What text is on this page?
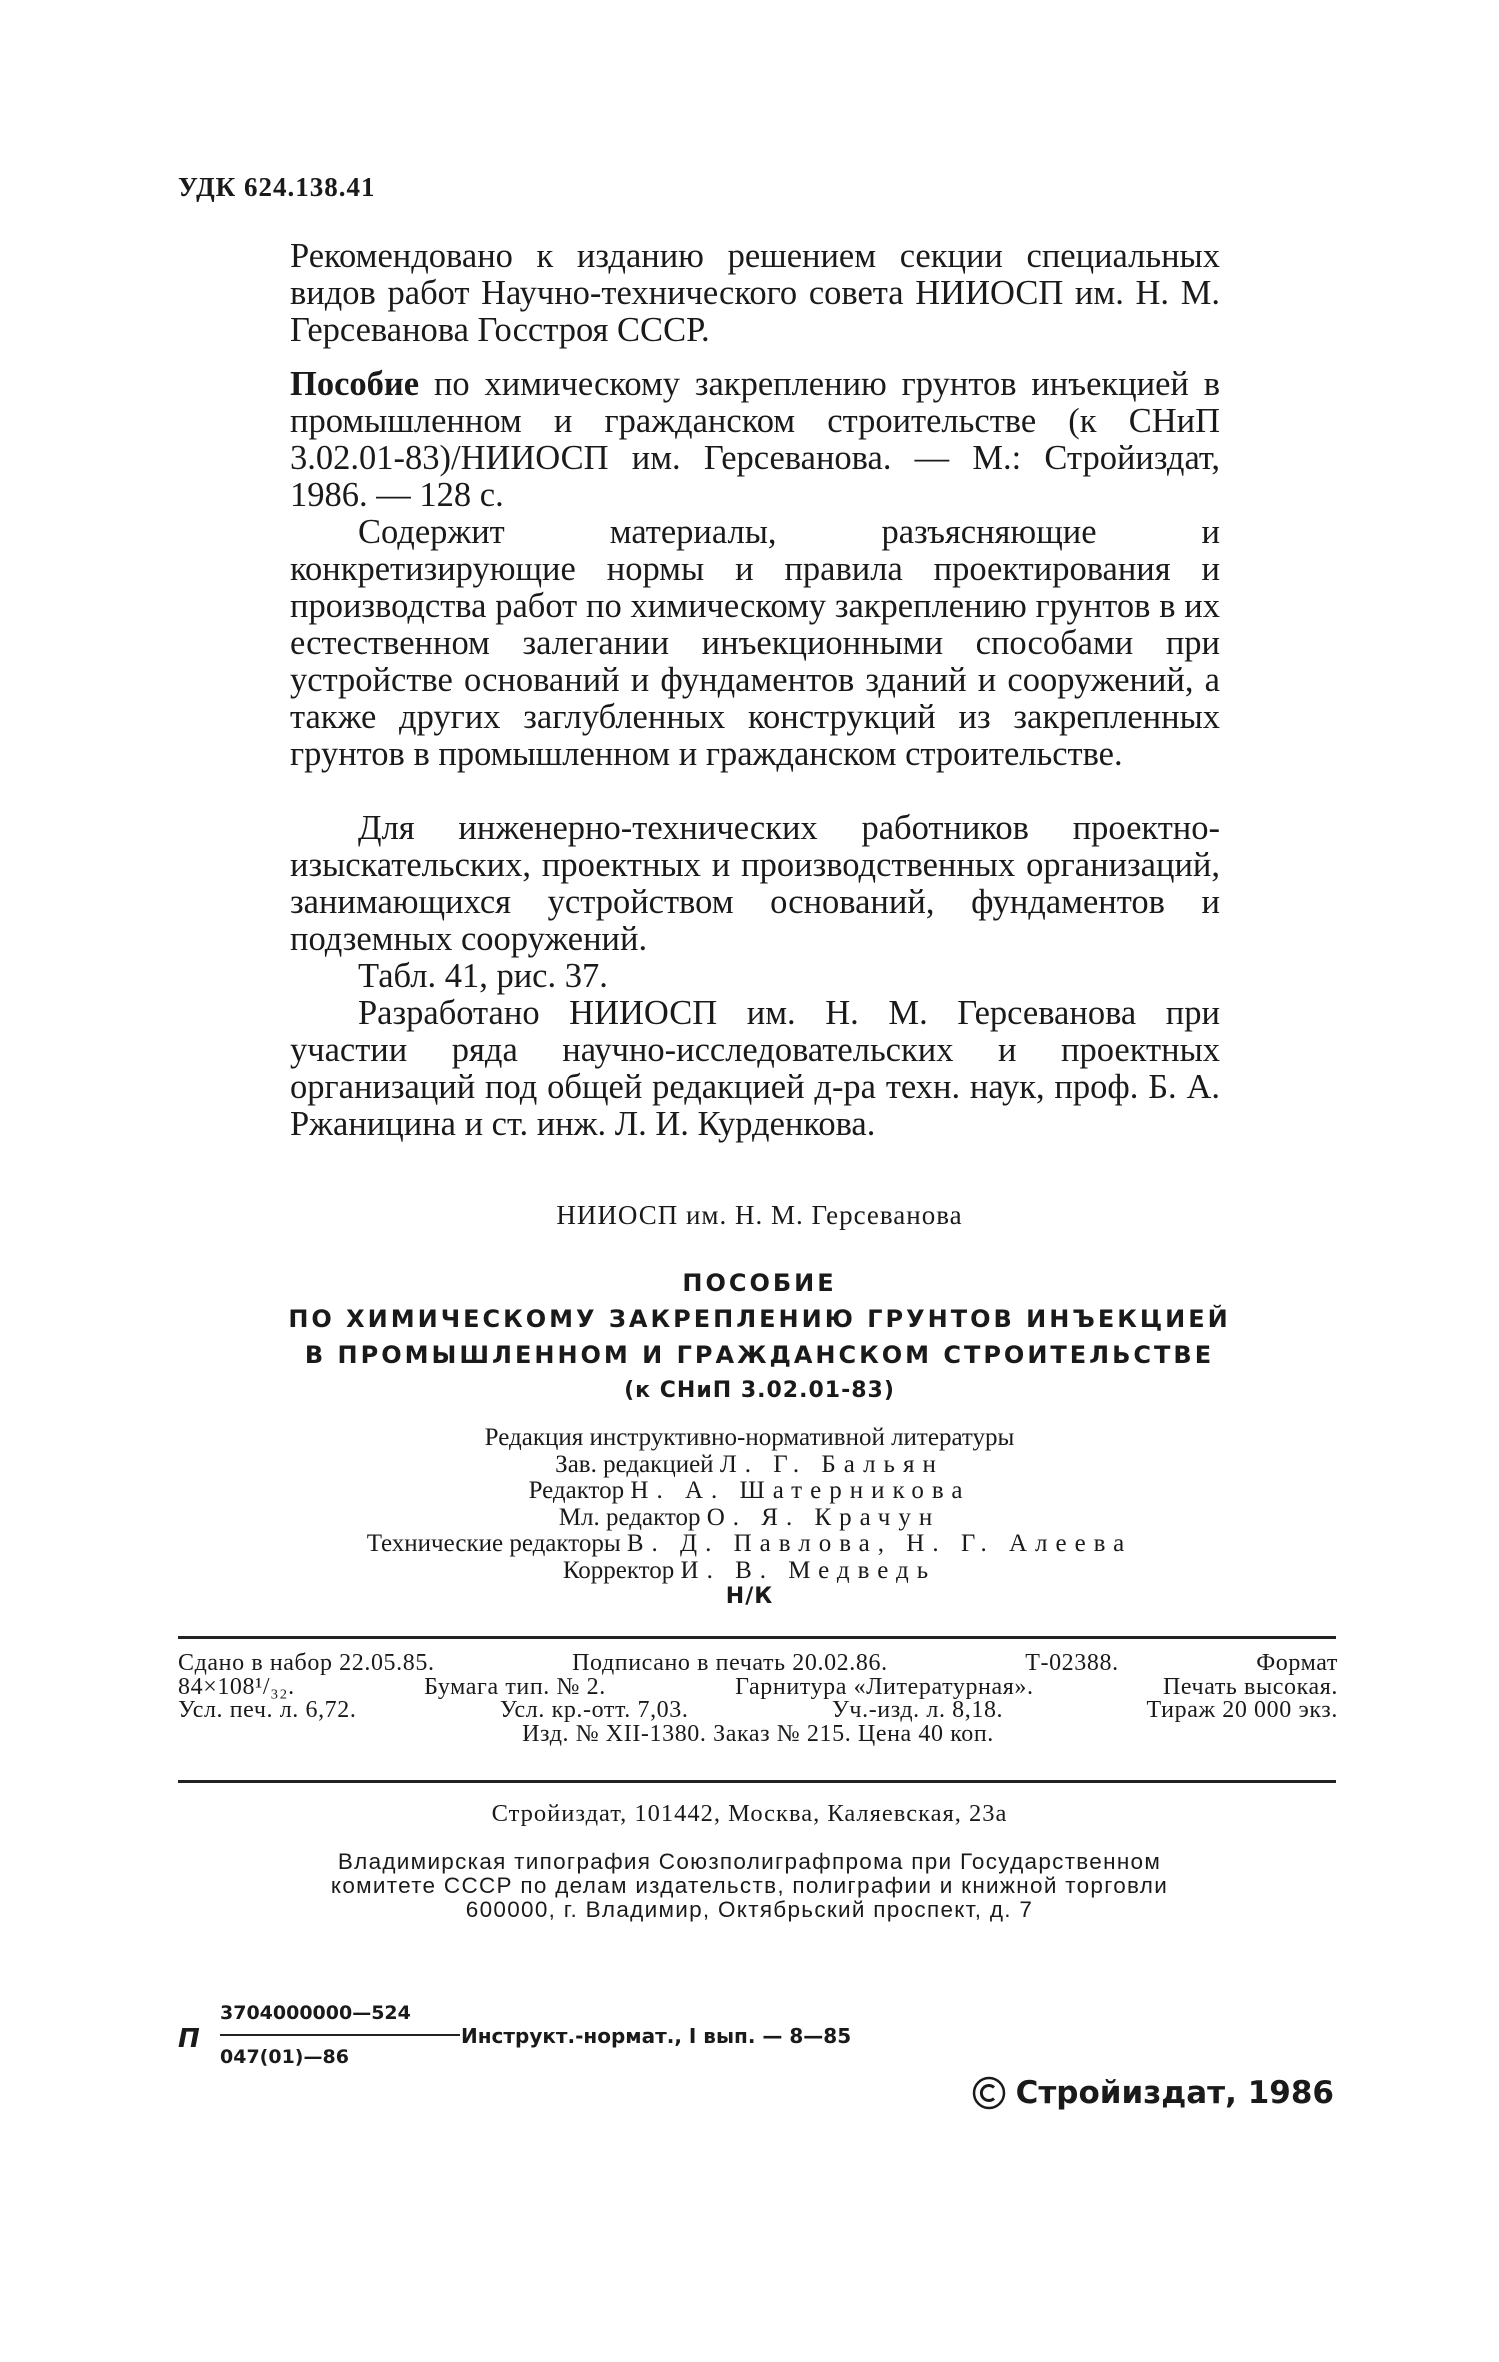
УДК 624.138.41

Рекомендовано к изданию решением секции специальных видов работ Научно-технического совета НИИОСП им. Н. М. Герсеванова Госстроя СССР.

Пособие по химическому закреплению грунтов инъекцией в промышленном и гражданском строительстве (к СНиП 3.02.01-83)/НИИОСП им. Герсеванова. — М.: Стройиздат, 1986. — 128 с.

Содержит материалы, разъясняющие и конкретизирующие нормы и правила проектирования и производства работ по химическому закреплению грунтов в их естественном залегании инъекционными способами при устройстве оснований и фундаментов зданий и сооружений, а также других заглубленных конструкций из закрепленных грунтов в промышленном и гражданском строительстве.

Для инженерно-технических работников проектно-изыскательских, проектных и производственных организаций, занимающихся устройством оснований, фундаментов и подземных сооружений.

Табл. 41, рис. 37.

Разработано НИИОСП им. Н. М. Герсеванова при участии ряда научно-исследовательских и проектных организаций под общей редакцией д-ра техн. наук, проф. Б. А. Ржаницина и ст. инж. Л. И. Курденкова.

НИИОСП им. Н. М. Герсеванова

ПОСОБИЕ
ПО ХИМИЧЕСКОМУ ЗАКРЕПЛЕНИЮ ГРУНТОВ ИНЪЕКЦИЕЙ
В ПРОМЫШЛЕННОМ И ГРАЖДАНСКОМ СТРОИТЕЛЬСТВЕ
(к СНиП 3.02.01-83)
Редакция инструктивно-нормативной литературы
Зав. редакцией Л. Г. Бальян
Редактор Н. А. Шатерникова
Мл. редактор О. Я. Крачун
Технические редакторы В. Д. Павлова, Н. Г. Алеева
Корректор И. В. Медведь
Н/К
Сдано в набор 22.05.85.	Подписано в печать 20.02.86.	Т-02388.	Формат
84×108¹/₃₂.	Бумага тип. № 2.	Гарнитура «Литературная».	Печать высокая.
Усл. печ. л. 6,72.	Усл. кр.-отт. 7,03.	Уч.-изд. л. 8,18.	Тираж 20 000 экз.
Изд. № XII-1380. Заказ № 215. Цена 40 коп.

Стройиздат, 101442, Москва, Каляевская, 23а

Владимирская типография Союзполиграфпрома при Государственном
комитете СССР по делам издательств, полиграфии и книжной торговли
600000, г. Владимир, Октябрьский проспект, д. 7
П
3704000000—524
047(01)—86
Инструкт.-нормат., I вып. — 8—85
Стройиздат, 1986
